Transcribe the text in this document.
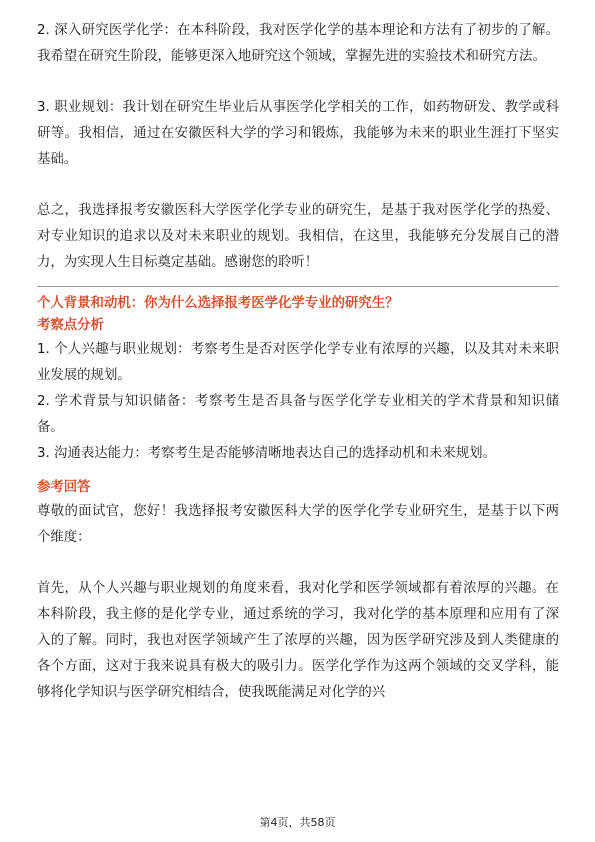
2. 深入研究医学化学：在本科阶段，我对医学化学的基本理论和方法有了初步的了解。我希望在研究生阶段，能够更深入地研究这个领域，掌握先进的实验技术和研究方法。

3. 职业规划：我计划在研究生毕业后从事医学化学相关的工作，如药物研发、教学或科研等。我相信，通过在安徽医科大学的学习和锻炼，我能够为未来的职业生涯打下坚实基础。

总之，我选择报考安徽医科大学医学化学专业的研究生，是基于我对医学化学的热爱、对专业知识的追求以及对未来职业的规划。我相信，在这里，我能够充分发展自己的潜力，为实现人生目标奠定基础。感谢您的聆听！

个人背景和动机：你为什么选择报考医学化学专业的研究生？

考察点分析

1. 个人兴趣与职业规划：考察考生是否对医学化学专业有浓厚的兴趣，以及其对未来职业发展的规划。

2. 学术背景与知识储备：考察考生是否具备与医学化学专业相关的学术背景和知识储备。

3. 沟通表达能力：考察考生是否能够清晰地表达自己的选择动机和未来规划。

参考回答

尊敬的面试官，您好！我选择报考安徽医科大学的医学化学专业研究生，是基于以下两个维度：

首先，从个人兴趣与职业规划的角度来看，我对化学和医学领域都有着浓厚的兴趣。在本科阶段，我主修的是化学专业，通过系统的学习，我对化学的基本原理和应用有了深入的了解。同时，我也对医学领域产生了浓厚的兴趣，因为医学研究涉及到人类健康的各个方面，这对于我来说具有极大的吸引力。医学化学作为这两个领域的交叉学科，能够将化学知识与医学研究相结合，使我既能满足对化学的兴

第4页，共58页
